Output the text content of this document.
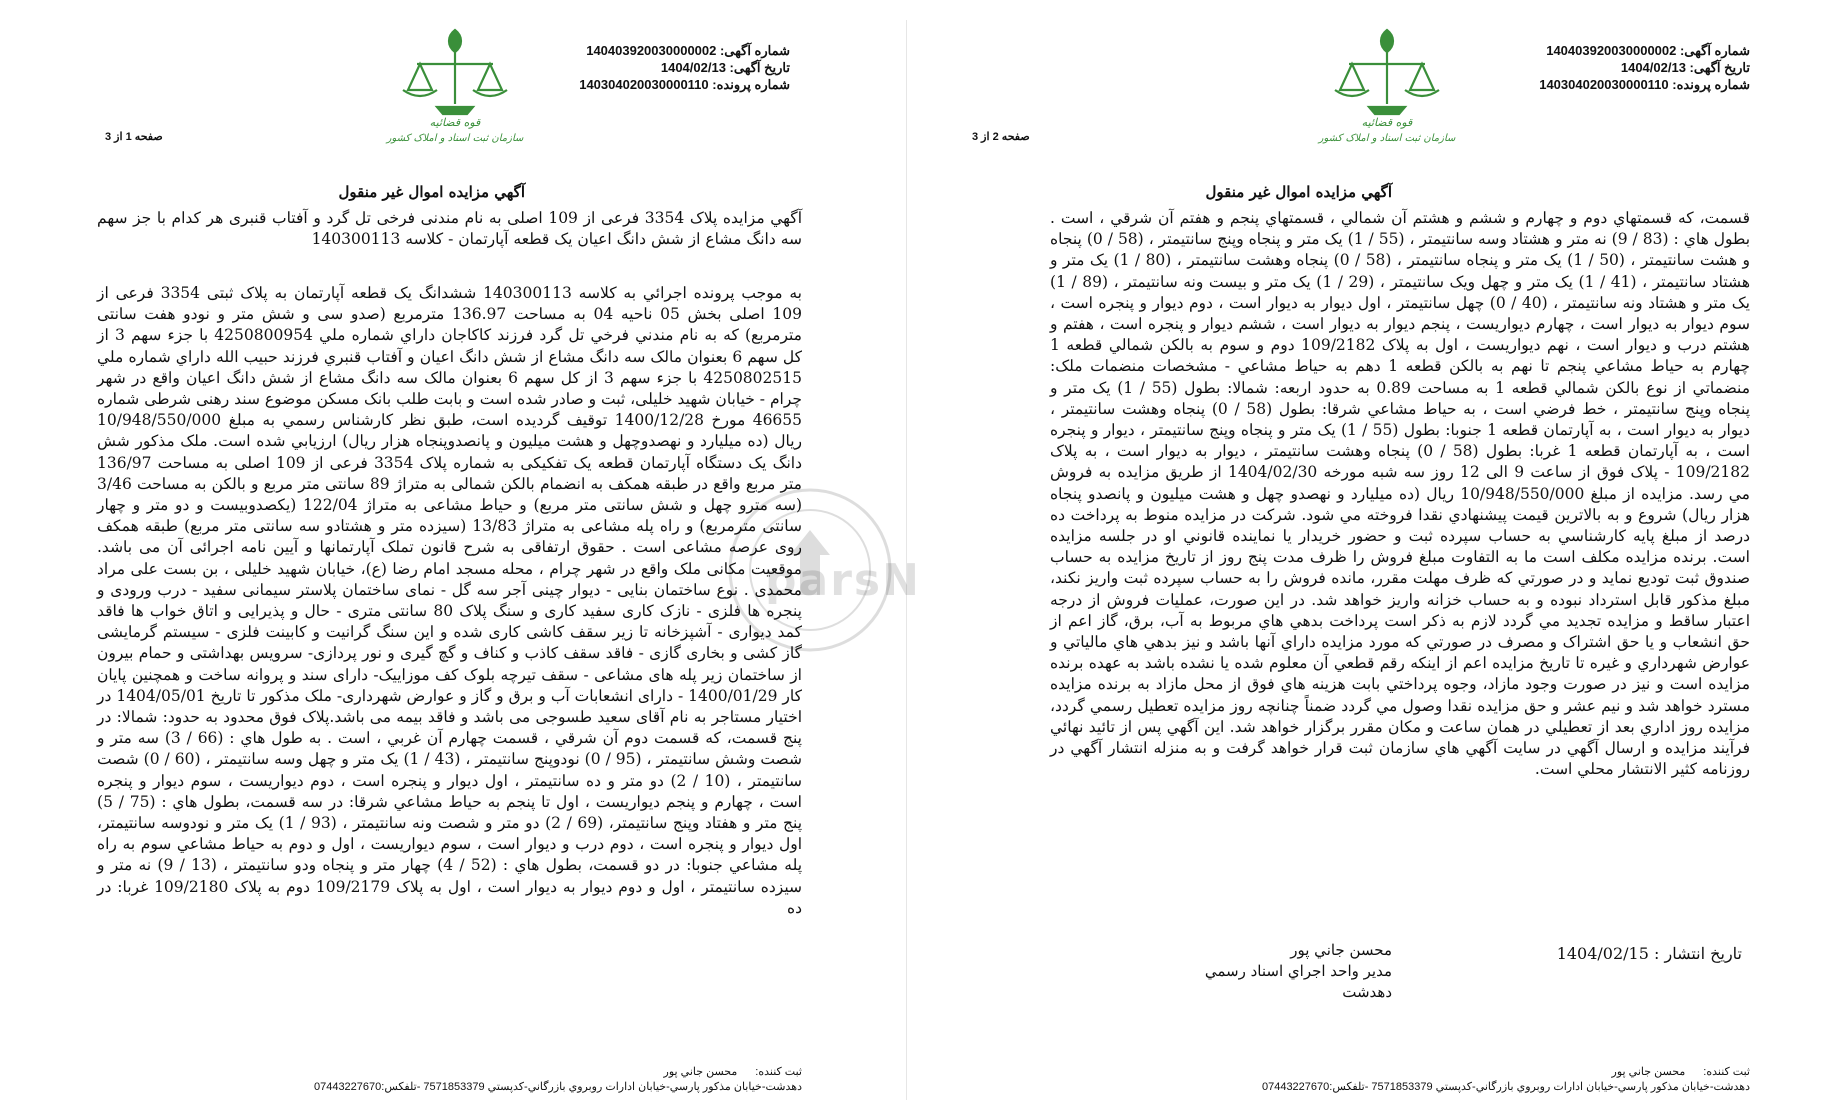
شماره آگهی: 140403920030000002
تاریخ آگهی: 1404/02/13
شماره پرونده: 140304020030000110
قوه قضائیه
سازمان ثبت اسناد و املاک کشور
صفحه 1 از 3
آگهي مزايده اموال غير منقول
آگهي مزايده پلاک 3354 فرعی از 109 اصلی به نام مندنی فرخی تل گرد و آفتاب قنبری هر کدام با جز سهم سه دانگ مشاع از شش دانگ اعیان یک قطعه آپارتمان - کلاسه 140300113
به موجب پرونده اجرائي به کلاسه 140300113 ششدانگ یک قطعه آپارتمان به پلاک ثبتی 3354 فرعی از 109 اصلی بخش 05 ناحیه 04 به مساحت 136.97 مترمربع (صدو سی و شش متر و نودو هفت سانتی مترمربع) که به نام مندني فرخي تل گرد فرزند كاكاجان داراي شماره ملي 4250800954 با جزء سهم 3 از کل سهم 6 بعنوان مالک سه دانگ مشاع از شش دانگ اعیان و آفتاب قنبري فرزند حبيب الله داراي شماره ملي 4250802515 با جزء سهم 3 از کل سهم 6 بعنوان مالک سه دانگ مشاع از شش دانگ اعیان واقع در شهر چرام - خیابان شهید خلیلی، ثبت و صادر شده است و بابت طلب بانک مسکن موضوع سند رهنی شرطی شماره 46655 مورخ 1400/12/28 توقيف گرديده است، طبق نظر كارشناس رسمي به مبلغ 10/948/550/000 ريال (ده ميليارد و نهصدوچهل و هشت ميليون و پانصدوپنجاه هزار ريال) ارزيابي شده است. ملک مذکور شش دانگ یک دستگاه آپارتمان قطعه یک تفکیکی به شماره پلاک 3354 فرعی از 109 اصلی به مساحت 136/97 متر مربع واقع در طبقه همکف به انضمام بالکن شمالی به متراژ 89 سانتی متر مربع و بالکن به مساحت 3/46 (سه مترو چهل و شش سانتی متر مربع) و حیاط مشاعی به متراژ 122/04 (یکصدوبیست و دو متر و چهار سانتی مترمربع) و راه پله مشاعی به متراژ 13/83 (سیزده متر و هشتادو سه سانتی متر مربع) طبقه همکف روی عرصه مشاعی است . حقوق ارتفاقی به شرح قانون تملک آپارتمانها و آیین نامه اجرائی آن می باشد. موقعیت مکانی ملک واقع در شهر چرام ، محله مسجد امام رضا (ع)، خیابان شهید خلیلی ، بن بست علی مراد محمدی . نوع ساختمان بنایی - دیوار چینی آجر سه گل - نمای ساختمان پلاستر سیمانی سفید - درب ورودی و پنجره ها فلزی - نازک کاری سفید کاری و سنگ پلاک 80 سانتی متری - حال و پذیرایی و اتاق خواب ها فاقد کمد دیواری - آشپزخانه تا زیر سقف کاشی کاری شده و این سنگ گرانیت و کابینت فلزی - سیستم گرمایشی گاز کشی و بخاری گازی - فاقد سقف کاذب و کناف و گچ گیری و نور پردازی- سرویس بهداشتی و حمام بیرون از ساختمان زیر پله های مشاعی - سقف تیرچه بلوک کف موزاییک- دارای سند و پروانه ساخت و همچنین پایان کار 1400/01/29 - دارای انشعابات آب و برق و گاز و عوارض شهرداری- ملک مذکور تا تاریخ 1404/05/01 در اختیار مستاجر به نام آقای سعید طسوجی می باشد و فاقد بیمه می باشد.پلاک فوق محدود به حدود: شمالا: در پنج قسمت، كه قسمت دوم آن شرقي ، قسمت چهارم آن غربي ، است . به طول هاي : (66 / 3) سه متر و شصت وشش سانتيمتر ، (95 / 0) نودوپنج سانتيمتر ، (43 / 1) يک متر و چهل وسه سانتيمتر ، (60 / 0) شصت سانتيمتر ، (10 / 2) دو متر و ده سانتيمتر ، اول ديوار و پنجره است ، دوم ديواريست ، سوم ديوار و پنجره است ، چهارم و پنجم ديواريست ، اول تا پنجم به حياط مشاعي شرقا: در سه قسمت، بطول هاي : (75 / 5) پنج متر و هفتاد وپنج سانتيمتر، (69 / 2) دو متر و شصت ونه سانتيمتر ، (93 / 1) يک متر و نودوسه سانتيمتر، اول ديوار و پنجره است ، دوم درب و ديوار است ، سوم ديواريست ، اول و دوم به حياط مشاعي سوم به راه پله مشاعي جنوبا: در دو قسمت، بطول هاي : (52 / 4) چهار متر و پنجاه ودو سانتيمتر ، (13 / 9) نه متر و سيزده سانتيمتر ، اول و دوم ديوار به ديوار است ، اول به پلاک 109/2179 دوم به پلاک 109/2180 غربا: در ده
ثبت کننده:
محسن جاني پور
دهدشت-خيابان مذکور پارسي-خيابان ادارات روبروي بازرگاني-کدپستي 7571853379 -تلفکس:07443227670
شماره آگهی: 140403920030000002
تاریخ آگهی: 1404/02/13
شماره پرونده: 140304020030000110
قوه قضائیه
سازمان ثبت اسناد و املاک کشور
صفحه 2 از 3
آگهي مزايده اموال غير منقول
قسمت، كه قسمتهاي دوم و چهارم و ششم و هشتم آن شمالي ، قسمتهاي پنجم و هفتم آن شرقي ، است . بطول هاي : (83 / 9) نه متر و هشتاد وسه سانتيمتر ، (55 / 1) يک متر و پنجاه وپنج سانتيمتر ، (58 / 0) پنجاه و هشت سانتيمتر ، (50 / 1) يک متر و پنجاه سانتيمتر ، (58 / 0) پنجاه وهشت سانتيمتر ، (80 / 1) يک متر و هشتاد سانتيمتر ، (41 / 1) يک متر و چهل ويک سانتيمتر ، (29 / 1) يک متر و بيست ونه سانتيمتر ، (89 / 1) يک متر و هشتاد ونه سانتيمتر ، (40 / 0) چهل سانتيمتر ، اول ديوار به ديوار است ، دوم ديوار و پنجره است ، سوم ديوار به ديوار است ، چهارم ديواريست ، پنجم ديوار به ديوار است ، ششم ديوار و پنجره است ، هفتم و هشتم درب و ديوار است ، نهم ديواريست ، اول به پلاک 109/2182 دوم و سوم به بالکن شمالي قطعه 1 چهارم به حياط مشاعي پنجم تا نهم به بالکن قطعه 1 دهم به حياط مشاعي - مشخصات منضمات ملک: منضماتي از نوع بالکن شمالي قطعه 1 به مساحت 0.89 به حدود اربعه: شمالا: بطول (55 / 1) يک متر و پنجاه وپنج سانتيمتر ، خط فرضي است ، به حياط مشاعي شرقا: بطول (58 / 0) پنجاه وهشت سانتيمتر ، ديوار به ديوار است ، به آپارتمان قطعه 1 جنوبا: بطول (55 / 1) يک متر و پنجاه وپنج سانتيمتر ، ديوار و پنجره است ، به آپارتمان قطعه 1 غربا: بطول (58 / 0) پنجاه وهشت سانتيمتر ، ديوار به ديوار است ، به پلاک 109/2182 - پلاک فوق از ساعت 9 الی 12 روز سه شبه مورخه 1404/02/30 از طريق مزايده به فروش مي رسد. مزايده از مبلغ 10/948/550/000 ريال (ده ميليارد و نهصدو چهل و هشت ميليون و پانصدو پنجاه هزار ريال) شروع و به بالاترين قيمت پيشنهادي نقدا فروخته مي شود. شرکت در مزايده منوط به پرداخت ده درصد از مبلغ پايه کارشناسي به حساب سپرده ثبت و حضور خريدار يا نماينده قانوني او در جلسه مزايده است. برنده مزايده مکلف است ما به التفاوت مبلغ فروش را ظرف مدت پنج روز از تاريخ مزايده به حساب صندوق ثبت توديع نمايد و در صورتي که ظرف مهلت مقرر، مانده فروش را به حساب سپرده ثبت واريز نکند، مبلغ مذکور قابل استرداد نبوده و به حساب خزانه واريز خواهد شد. در اين صورت، عمليات فروش از درجه اعتبار ساقط و مزايده تجديد مي گردد لازم به ذکر است پرداخت بدهي هاي مربوط به آب، برق، گاز اعم از حق انشعاب و يا حق اشتراک و مصرف در صورتي که مورد مزايده داراي آنها باشد و نيز بدهي هاي مالياتي و عوارض شهرداري و غيره تا تاريخ مزايده اعم از اينکه رقم قطعي آن معلوم شده يا نشده باشد به عهده برنده مزايده است و نيز در صورت وجود مازاد، وجوه پرداختي بابت هزينه هاي فوق از محل مازاد به برنده مزايده مسترد خواهد شد و نيم عشر و حق مزايده نقدا وصول مي گردد ضمناً چنانچه روز مزايده تعطيل رسمي گردد، مزايده روز اداري بعد از تعطيلي در همان ساعت و مکان مقرر برگزار خواهد شد. اين آگهي پس از تائيد نهائي فرآيند مزايده و ارسال آگهي در سايت آگهي هاي سازمان ثبت قرار خواهد گرفت و به منزله انتشار آگهي در روزنامه کثير الانتشار محلي است.
محسن جاني پور
مدير واحد اجراي اسناد رسمي
دهدشت
تاریخ انتشار : 1404/02/15
ثبت کننده:
محسن جاني پور
دهدشت-خيابان مذکور پارسي-خيابان ادارات روبروي بازرگاني-کدپستي 7571853379 -تلفکس:07443227670
parsN
